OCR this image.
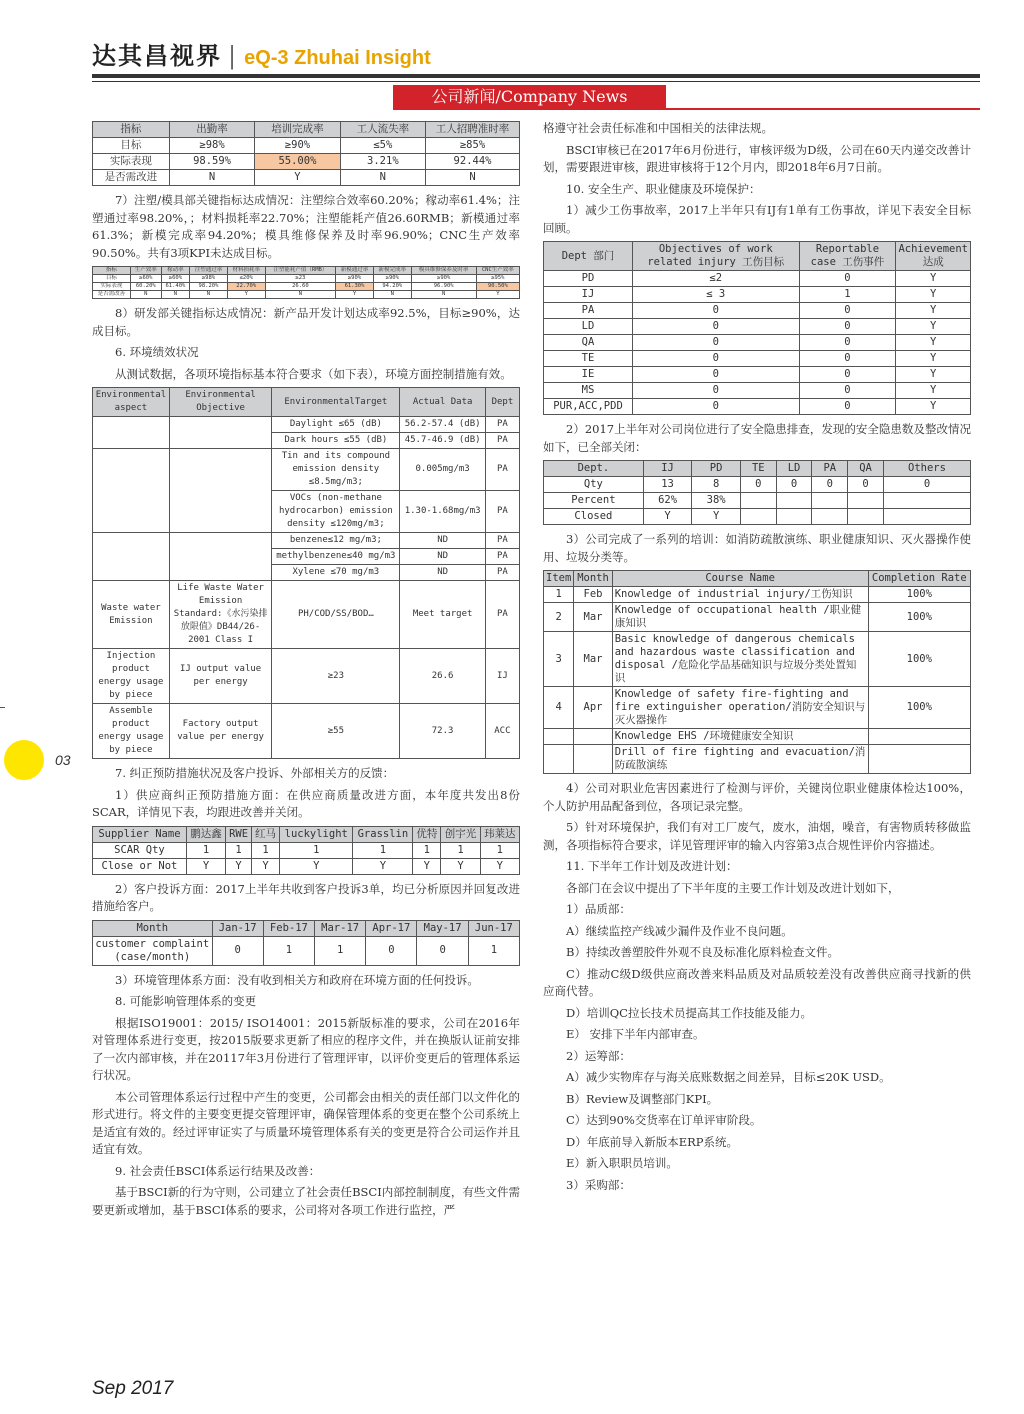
达其昌视界 | eQ-3 Zhuhai Insight
公司新闻/Company News
03
指标	出勤率	培训完成率	工人流失率	工人招聘准时率
目标	≥98%	≥90%	≤5%	≥85%
实际表现	98.59%	55.00%	3.21%	92.44%
是否需改进	N	Y	N	N

7）注塑/模具部关键指标达成情况：注塑综合效率60.20%；稼动率61.4%；注塑通过率98.20%，；材料损耗率22.70%；注塑能耗产值26.60RMB；新模通过率61.3%；新模完成率94.20%；模具维修保养及时率96.90%；CNC生产效率90.50%。共有3项KPI未达成目标。

指标	生产效率	稼动率	注塑通过率	材料损耗率	注塑能耗产值（RMB）	新模通过率	新模完成率	模具维修保养及时率	CNC生产效率
目标	≥60%	≥60%	≥98%	≤20%	≥23	≥90%	≥90%	≥90%	≥95%
实际表现	60.20%	61.40%	98.20%	22.70%	26.60	61.30%	94.20%	96.90%	90.50%
是否需改善	N	N	N	Y	N	Y	N	N	Y

8）研发部关键指标达成情况：新产品开发计划达成率92.5%，目标≥90%，达成目标。

6. 环境绩效状况

从测试数据，各项环境指标基本符合要求（如下表），环境方面控制措施有效。

Environmental aspect	Environmental Objective	EnvironmentalTarget	Actual Data	Dept
		Daylight ≤65 (dB)	56.2-57.4 (dB)	PA
		Dark hours ≤55 (dB)	45.7-46.9 (dB)	PA
		Tin and its compound emission density ≤8.5mg/m3;	0.005mg/m3	PA
		VOCs (non-methane hydrocarbon) emission density ≤120mg/m3;	1.30-1.68mg/m3	PA
		benzene≤12 mg/m3;	ND	PA
		methylbenzene≤40 mg/m3	ND	PA
		Xylene ≤70 mg/m3	ND	PA
Waste water Emission	Life Waste Water Emission Standard:《水污染排放限值》DB44/26-2001 Class I	PH/COD/SS/BOD…	Meet target	PA
Injection product energy usage by piece	IJ output value per energy	≥23	26.6	IJ
Assemble product energy usage by piece	Factory output value per energy	≥55	72.3	ACC

7. 纠正预防措施状况及客户投诉、外部相关方的反馈：

1）供应商纠正预防措施方面：在供应商质量改进方面，本年度共发出8份SCAR，详情见下表，均跟进改善并关闭。

Supplier Name	鹏达鑫	RWE	红马	luckylight	Grasslin	优特	创宇光	玮莱达
SCAR Qty	1	1	1	1	1	1	1	1
Close or Not	Y	Y	Y	Y	Y	Y	Y	Y

2）客户投诉方面：2017上半年共收到客户投诉3单，均已分析原因并回复改进措施给客户。

Month	Jan-17	Feb-17	Mar-17	Apr-17	May-17	Jun-17
customer complaint (case/month)	0	1	1	0	0	1

3）环境管理体系方面：没有收到相关方和政府在环境方面的任何投诉。

8. 可能影响管理体系的变更

根据ISO19001：2015/ ISO14001：2015新版标准的要求，公司在2016年对管理体系进行变更，按2015版要求更新了相应的程序文件，并在换版认证前安排了一次内部审核，并在20117年3月份进行了管理评审，以评价变更后的管理体系运行状况。

本公司管理体系运行过程中产生的变更，公司都会由相关的责任部门以文件化的形式进行。将文件的主要变更提交管理评审，确保管理体系的变更在整个公司系统上是适宜有效的。经过评审证实了与质量环境管理体系有关的变更是符合公司运作并且适宜有效。

9. 社会责任BSCI体系运行结果及改善：

基于BSCI新的行为守则，公司建立了社会责任BSCI内部控制制度，有些文件需要更新或增加，基于BSCI体系的要求，公司将对各项工作进行监控，严

格遵守社会责任标准和中国相关的法律法规。

BSCI审核已在2017年6月份进行，审核评级为D级，公司在60天内递交改善计划，需要跟进审核，跟进审核将于12个月内，即2018年6月7日前。

10. 安全生产、职业健康及环境保护：

1）减少工伤事故率，2017上半年只有IJ有1单有工伤事故，详见下表安全目标回顾。

Dept 部门	Objectives of work related injury 工伤目标	Reportable case 工伤事件	Achievement 达成
PD	≤2	0	Y
IJ	≤ 3	1	Y
PA	0	0	Y
LD	0	0	Y
QA	0	0	Y
TE	0	0	Y
IE	0	0	Y
MS	0	0	Y
PUR,ACC,PDD	0	0	Y

2）2017上半年对公司岗位进行了安全隐患排查，发现的安全隐患数及整改情况如下，已全部关闭：

Dept.	IJ	PD	TE	LD	PA	QA	Others
Qty	13	8	0	0	0	0	0
Percent	62%	38%					
Closed	Y	Y					

3）公司完成了一系列的培训：如消防疏散演练、职业健康知识、灭火器操作使用、垃圾分类等。

Item	Month	Course Name	Completion Rate
1	Feb	Knowledge of industrial injury/工伤知识	100%
2	Mar	Knowledge of occupational health /职业健康知识	100%
3	Mar	Basic knowledge of dangerous chemicals and hazardous waste classification and disposal /危险化学品基础知识与垃圾分类处置知识	100%
4	Apr	Knowledge of safety fire-fighting and fire extinguisher operation/消防安全知识与灭火器操作	100%
		Knowledge EHS /环境健康安全知识	
		Drill of fire fighting and evacuation/消防疏散演练	

4）公司对职业危害因素进行了检测与评价，关键岗位职业健康体检达100%，个人防护用品配备到位，各项记录完整。

5）针对环境保护，我们有对工厂废气，废水，油烟，噪音，有害物质转移做监测，各项指标符合要求，详见管理评审的输入内容第3点合规性评价内容描述。

11. 下半年工作计划及改进计划：

各部门在会议中提出了下半年度的主要工作计划及改进计划如下，

1）品质部：

A）继续监控产线减少漏件及作业不良问题。

B）持续改善塑胶件外观不良及标准化原料检查文件。

C）推动C级D级供应商改善来料品质及对品质较差没有改善供应商寻找新的供应商代替。

D）培训QC拉长技术员提高其工作技能及能力。

E） 安排下半年内部审查。

2）运筹部：

A）减少实物库存与海关底账数据之间差异，目标≤20K USD。

B）Review及调整部门KPI。

C）达到90%交货率在订单评审阶段。

D）年底前导入新版本ERP系统。

E）新入职职员培训。

3）采购部：

Sep 2017
